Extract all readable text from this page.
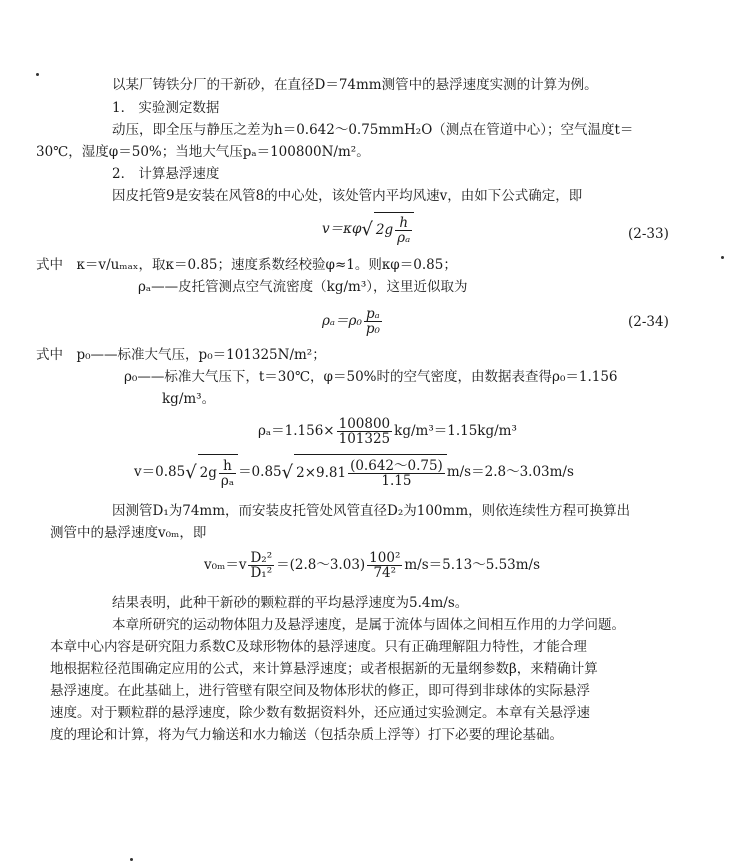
以某厂铸铁分厂的干新砂，在直径D＝74mm测管中的悬浮速度实测的计算为例。
1． 实验测定数据
动压，即全压与静压之差为h＝0.642～0.75mmH₂O（测点在管道中心）；空气温度t＝
30℃，湿度φ＝50%；当地大气压pₐ＝100800N/m²。
2． 计算悬浮速度
因皮托管9是安装在风管8的中心处，该处管内平均风速v，由如下公式确定，即
v＝κφ√ $2g \frac{h}{\text{ρₐ}}$	(2-33)
式中　κ＝v/uₘₐₓ，取κ＝0.85；速度系数经校验φ≈1。则κφ＝0.85；
ρₐ——皮托管测点空气流密度（kg/m³），这里近似取为
$\rho_a=\rho_0 \frac{\text{pₐ}}{\text{p₀}}$	(2-34)
式中　p₀——标准大气压，p₀＝101325N/m²；
ρ₀——标准大气压下，t＝30℃，φ＝50%时的空气密度，由数据表查得ρ₀＝1.156
kg/m³。
$\rho_a=1.156\times \frac{100800}{101325} kg/m^3=1.15kg/m^3$
v＝0.85√ $2g \frac{h}{\text{ρₐ}} =0.85√$ $2\times 9.81 \frac{(0.642\sim 0.75)}{1.15}$ m/s＝2.8～3.03m/s
因测管D₁为74mm，而安装皮托管处风管直径D₂为100mm，则依连续性方程可换算出
测管中的悬浮速度v₀ₘ，即
$v_{0m}=v \frac{\text{D₂²}}{\text{D₁²}}$ ＝(2.8～3.03) $\frac{\text{100²}}{\text{74²}}$ m/s＝5.13～5.53m/s
结果表明，此种干新砂的颗粒群的平均悬浮速度为5.4m/s。
本章所研究的运动物体阻力及悬浮速度，是属于流体与固体之间相互作用的力学问题。
本章中心内容是研究阻力系数C及球形物体的悬浮速度。只有正确理解阻力特性，才能合理
地根据粒径范围确定应用的公式，来计算悬浮速度；或者根据新的无量纲参数β，来精确计算
悬浮速度。在此基础上，进行管壁有限空间及物体形状的修正，即可得到非球体的实际悬浮
速度。对于颗粒群的悬浮速度，除少数有数据资料外，还应通过实验测定。本章有关悬浮速
度的理论和计算，将为气力输送和水力输送（包括杂质上浮等）打下必要的理论基础。
